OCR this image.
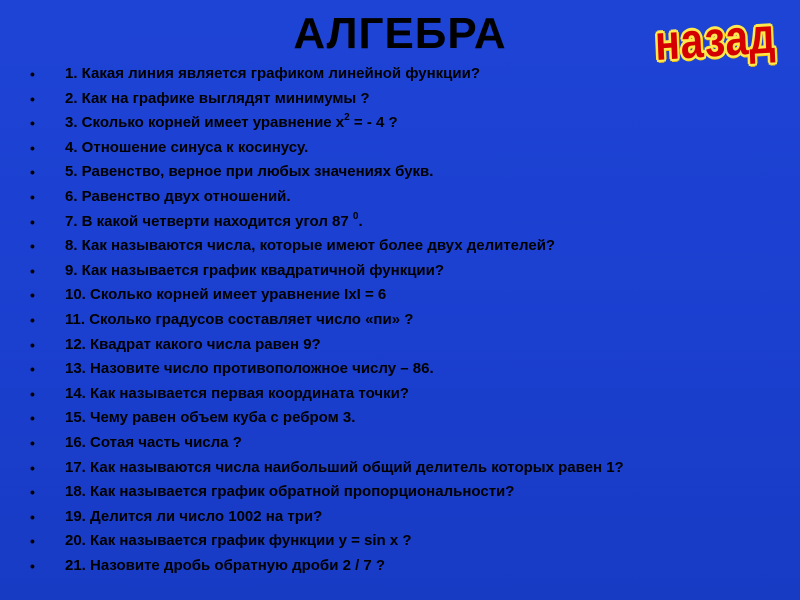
АЛГЕБРА	назад
•	1. Какая линия является графиком линейной функции?
•	2. Как на графике выглядят минимумы ?
•	3. Сколько корней имеет уравнение $х^2$ = - 4 ?
•	4. Отношение синуса к косинусу.
•	5. Равенство, верное при любых значениях букв.
•	6. Равенство двух отношений.
•	7. В какой четверти находится угол 87 $^0$.
•	8. Как называются числа, которые имеют более двух делителей?
•	9. Как называется график квадратичной функции?
•	10. Сколько корней имеет уравнение IxI = 6
•	11. Сколько градусов составляет число «пи» ?
•	12. Квадрат какого числа равен 9?
•	13. Назовите число противоположное числу – 86.
•	14. Как называется первая координата точки?
•	15. Чему равен объем куба с ребром 3.
•	16. Сотая часть числа ?
•	17. Как называются числа наибольший общий делитель которых равен 1?
•	18. Как называется график обратной пропорциональности?
•	19. Делится ли число 1002 на три?
•	20. Как называется график функции у = sin x ?
•	21. Назовите дробь обратную дроби 2 / 7 ?
